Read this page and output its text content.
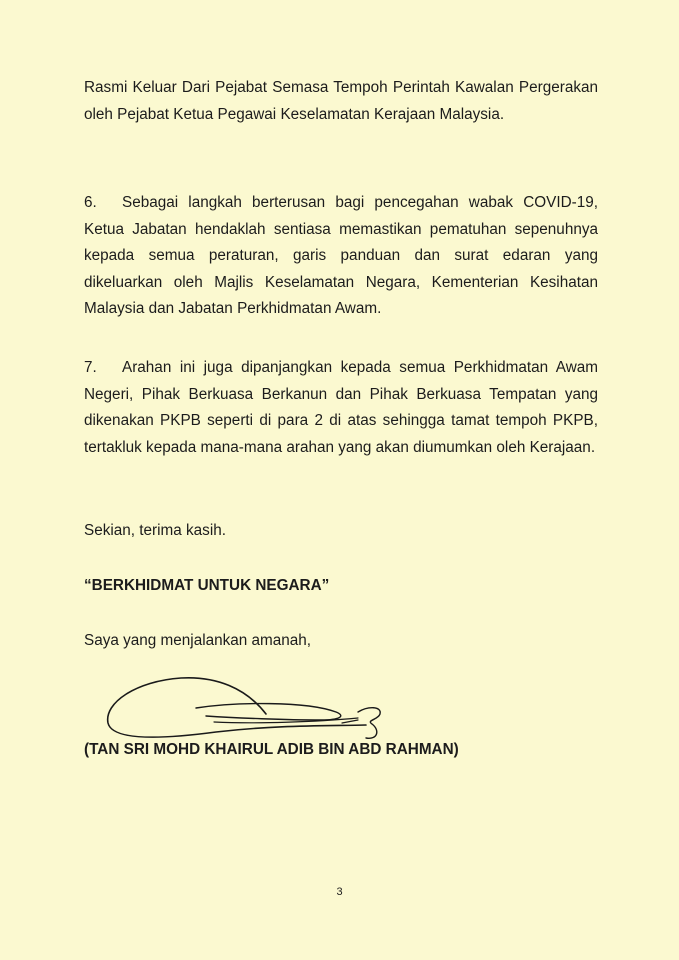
Rasmi Keluar Dari Pejabat Semasa Tempoh Perintah Kawalan Pergerakan oleh Pejabat Ketua Pegawai Keselamatan Kerajaan Malaysia.

6. Sebagai langkah berterusan bagi pencegahan wabak COVID-19, Ketua Jabatan hendaklah sentiasa memastikan pematuhan sepenuhnya kepada semua peraturan, garis panduan dan surat edaran yang dikeluarkan oleh Majlis Keselamatan Negara, Kementerian Kesihatan Malaysia dan Jabatan Perkhidmatan Awam.

7. Arahan ini juga dipanjangkan kepada semua Perkhidmatan Awam Negeri, Pihak Berkuasa Berkanun dan Pihak Berkuasa Tempatan yang dikenakan PKPB seperti di para 2 di atas sehingga tamat tempoh PKPB, tertakluk kepada mana-mana arahan yang akan diumumkan oleh Kerajaan.

Sekian, terima kasih.

“BERKHIDMAT UNTUK NEGARA”

Saya yang menjalankan amanah,

(TAN SRI MOHD KHAIRUL ADIB BIN ABD RAHMAN)

3
